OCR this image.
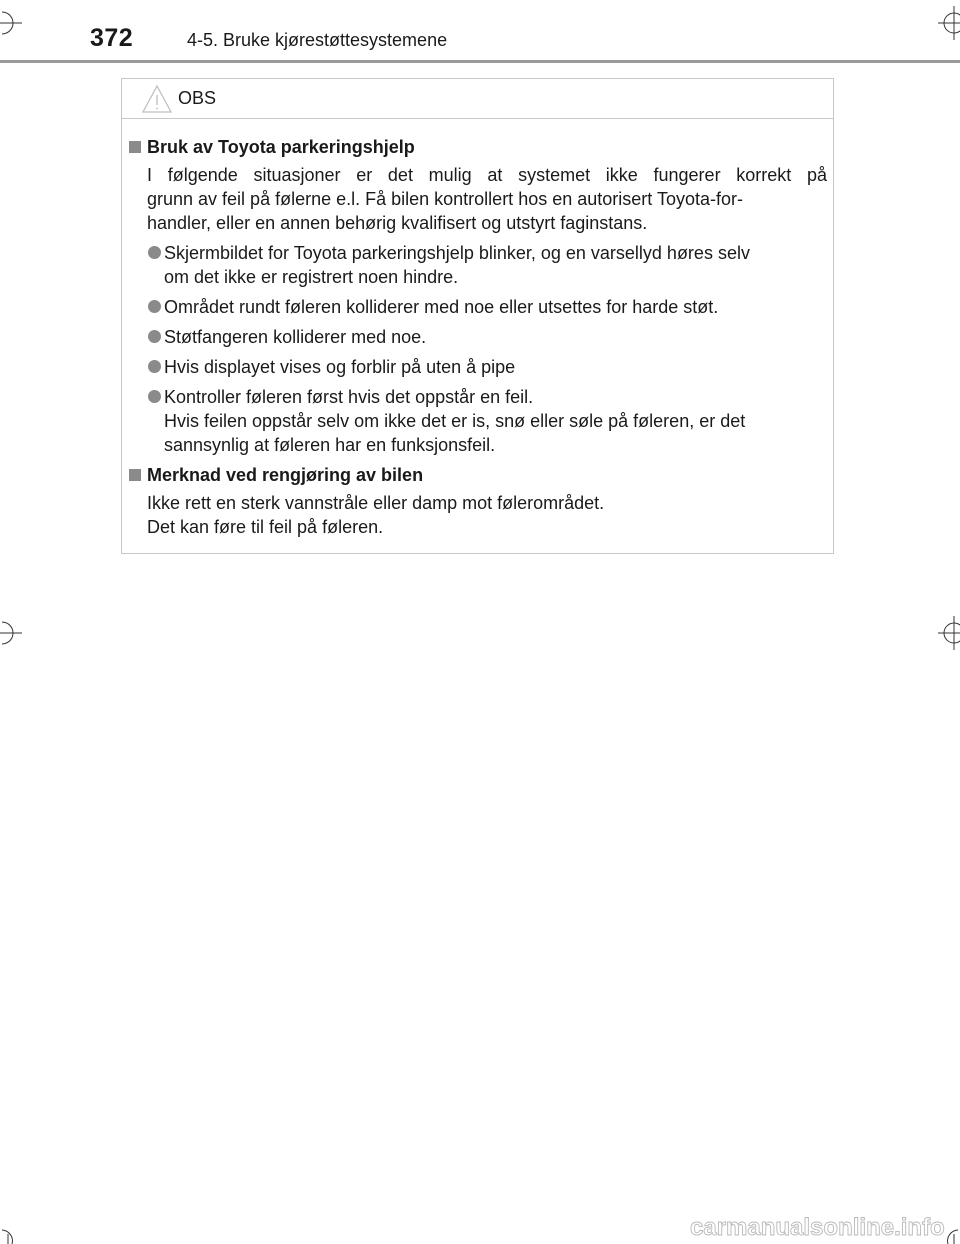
372	4-5. Bruke kjørestøttesystemene
OBS
Bruk av Toyota parkeringshjelp
I følgende situasjoner er det mulig at systemet ikke fungerer korrekt på
grunn av feil på følerne e.l. Få bilen kontrollert hos en autorisert Toyota-for-
handler, eller en annen behørig kvalifisert og utstyrt faginstans.
Skjermbildet for Toyota parkeringshjelp blinker, og en varsellyd høres selv
om det ikke er registrert noen hindre.
Området rundt føleren kolliderer med noe eller utsettes for harde støt.
Støtfangeren kolliderer med noe.
Hvis displayet vises og forblir på uten å pipe
Kontroller føleren først hvis det oppstår en feil.
Hvis feilen oppstår selv om ikke det er is, snø eller søle på føleren, er det
sannsynlig at føleren har en funksjonsfeil.
Merknad ved rengjøring av bilen
Ikke rett en sterk vannstråle eller damp mot følerområdet.
Det kan føre til feil på føleren.
carmanualsonline.info
